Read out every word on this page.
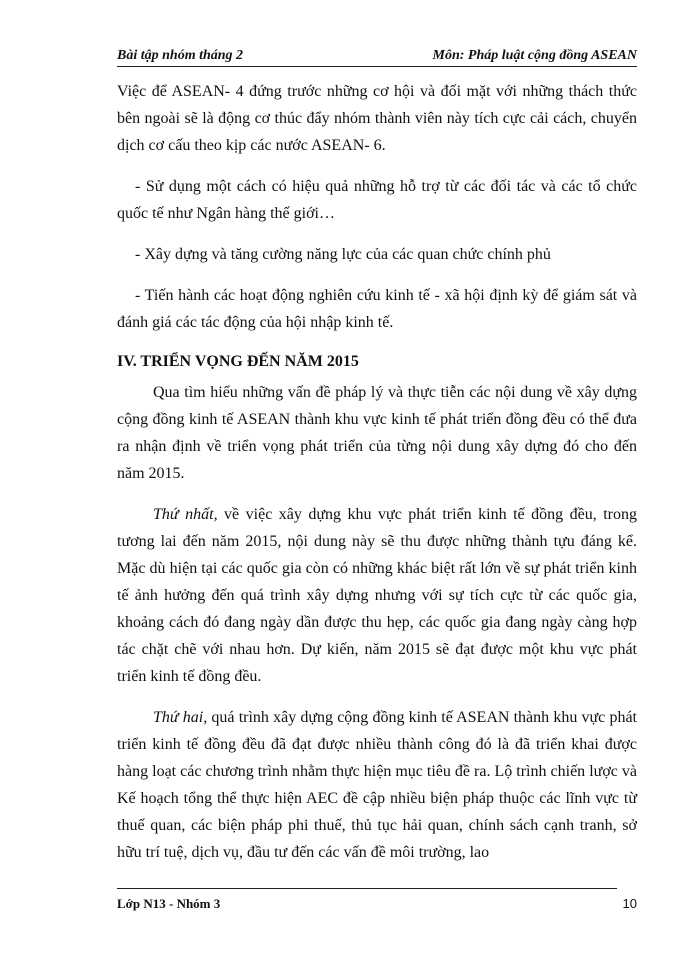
Bài tập nhóm tháng 2	Môn: Pháp luật cộng đồng ASEAN

Việc để ASEAN- 4 đứng trước những cơ hội và đối mặt với những thách thức bên ngoài sẽ là động cơ thúc đẩy nhóm thành viên này tích cực cải cách, chuyển dịch cơ cấu theo kịp các nước ASEAN- 6.

- Sử dụng một cách có hiệu quả những hỗ trợ từ các đối tác và các tổ chức quốc tế như Ngân hàng thế giới…

- Xây dựng và tăng cường năng lực của các quan chức chính phủ

- Tiến hành các hoạt động nghiên cứu kinh tế - xã hội định kỳ để giám sát và đánh giá các tác động của hội nhập kinh tế.

IV. TRIỂN VỌNG ĐẾN NĂM 2015

Qua tìm hiểu những vấn đề pháp lý và thực tiễn các nội dung về xây dựng cộng đồng kinh tế ASEAN thành khu vực kinh tế phát triển đồng đều có thể đưa ra nhận định về triển vọng phát triển của từng nội dung xây dựng đó cho đến năm 2015.

Thứ nhất, về việc xây dựng khu vực phát triển kinh tế đồng đều, trong tương lai đến năm 2015, nội dung này sẽ thu được những thành tựu đáng kể. Mặc dù hiện tại các quốc gia còn có những khác biệt rất lớn về sự phát triển kinh tế ảnh hưởng đến quá trình xây dựng nhưng với sự tích cực từ các quốc gia, khoảng cách đó đang ngày dần được thu hẹp, các quốc gia đang ngày càng hợp tác chặt chẽ với nhau hơn. Dự kiến, năm 2015 sẽ đạt được một khu vực phát triển kinh tế đồng đều.

Thứ hai, quá trình xây dựng cộng đồng kinh tế ASEAN thành khu vực phát triển kinh tế đồng đều đã đạt được nhiều thành công đó là đã triển khai được hàng loạt các chương trình nhằm thực hiện mục tiêu đề ra. Lộ trình chiến lược và Kế hoạch tổng thể thực hiện AEC đề cập nhiều biện pháp thuộc các lĩnh vực từ thuế quan, các biện pháp phi thuế, thủ tục hải quan, chính sách cạnh tranh, sở hữu trí tuệ, dịch vụ, đầu tư đến các vấn đề môi trường, lao

Lớp N13 - Nhóm 3	10
